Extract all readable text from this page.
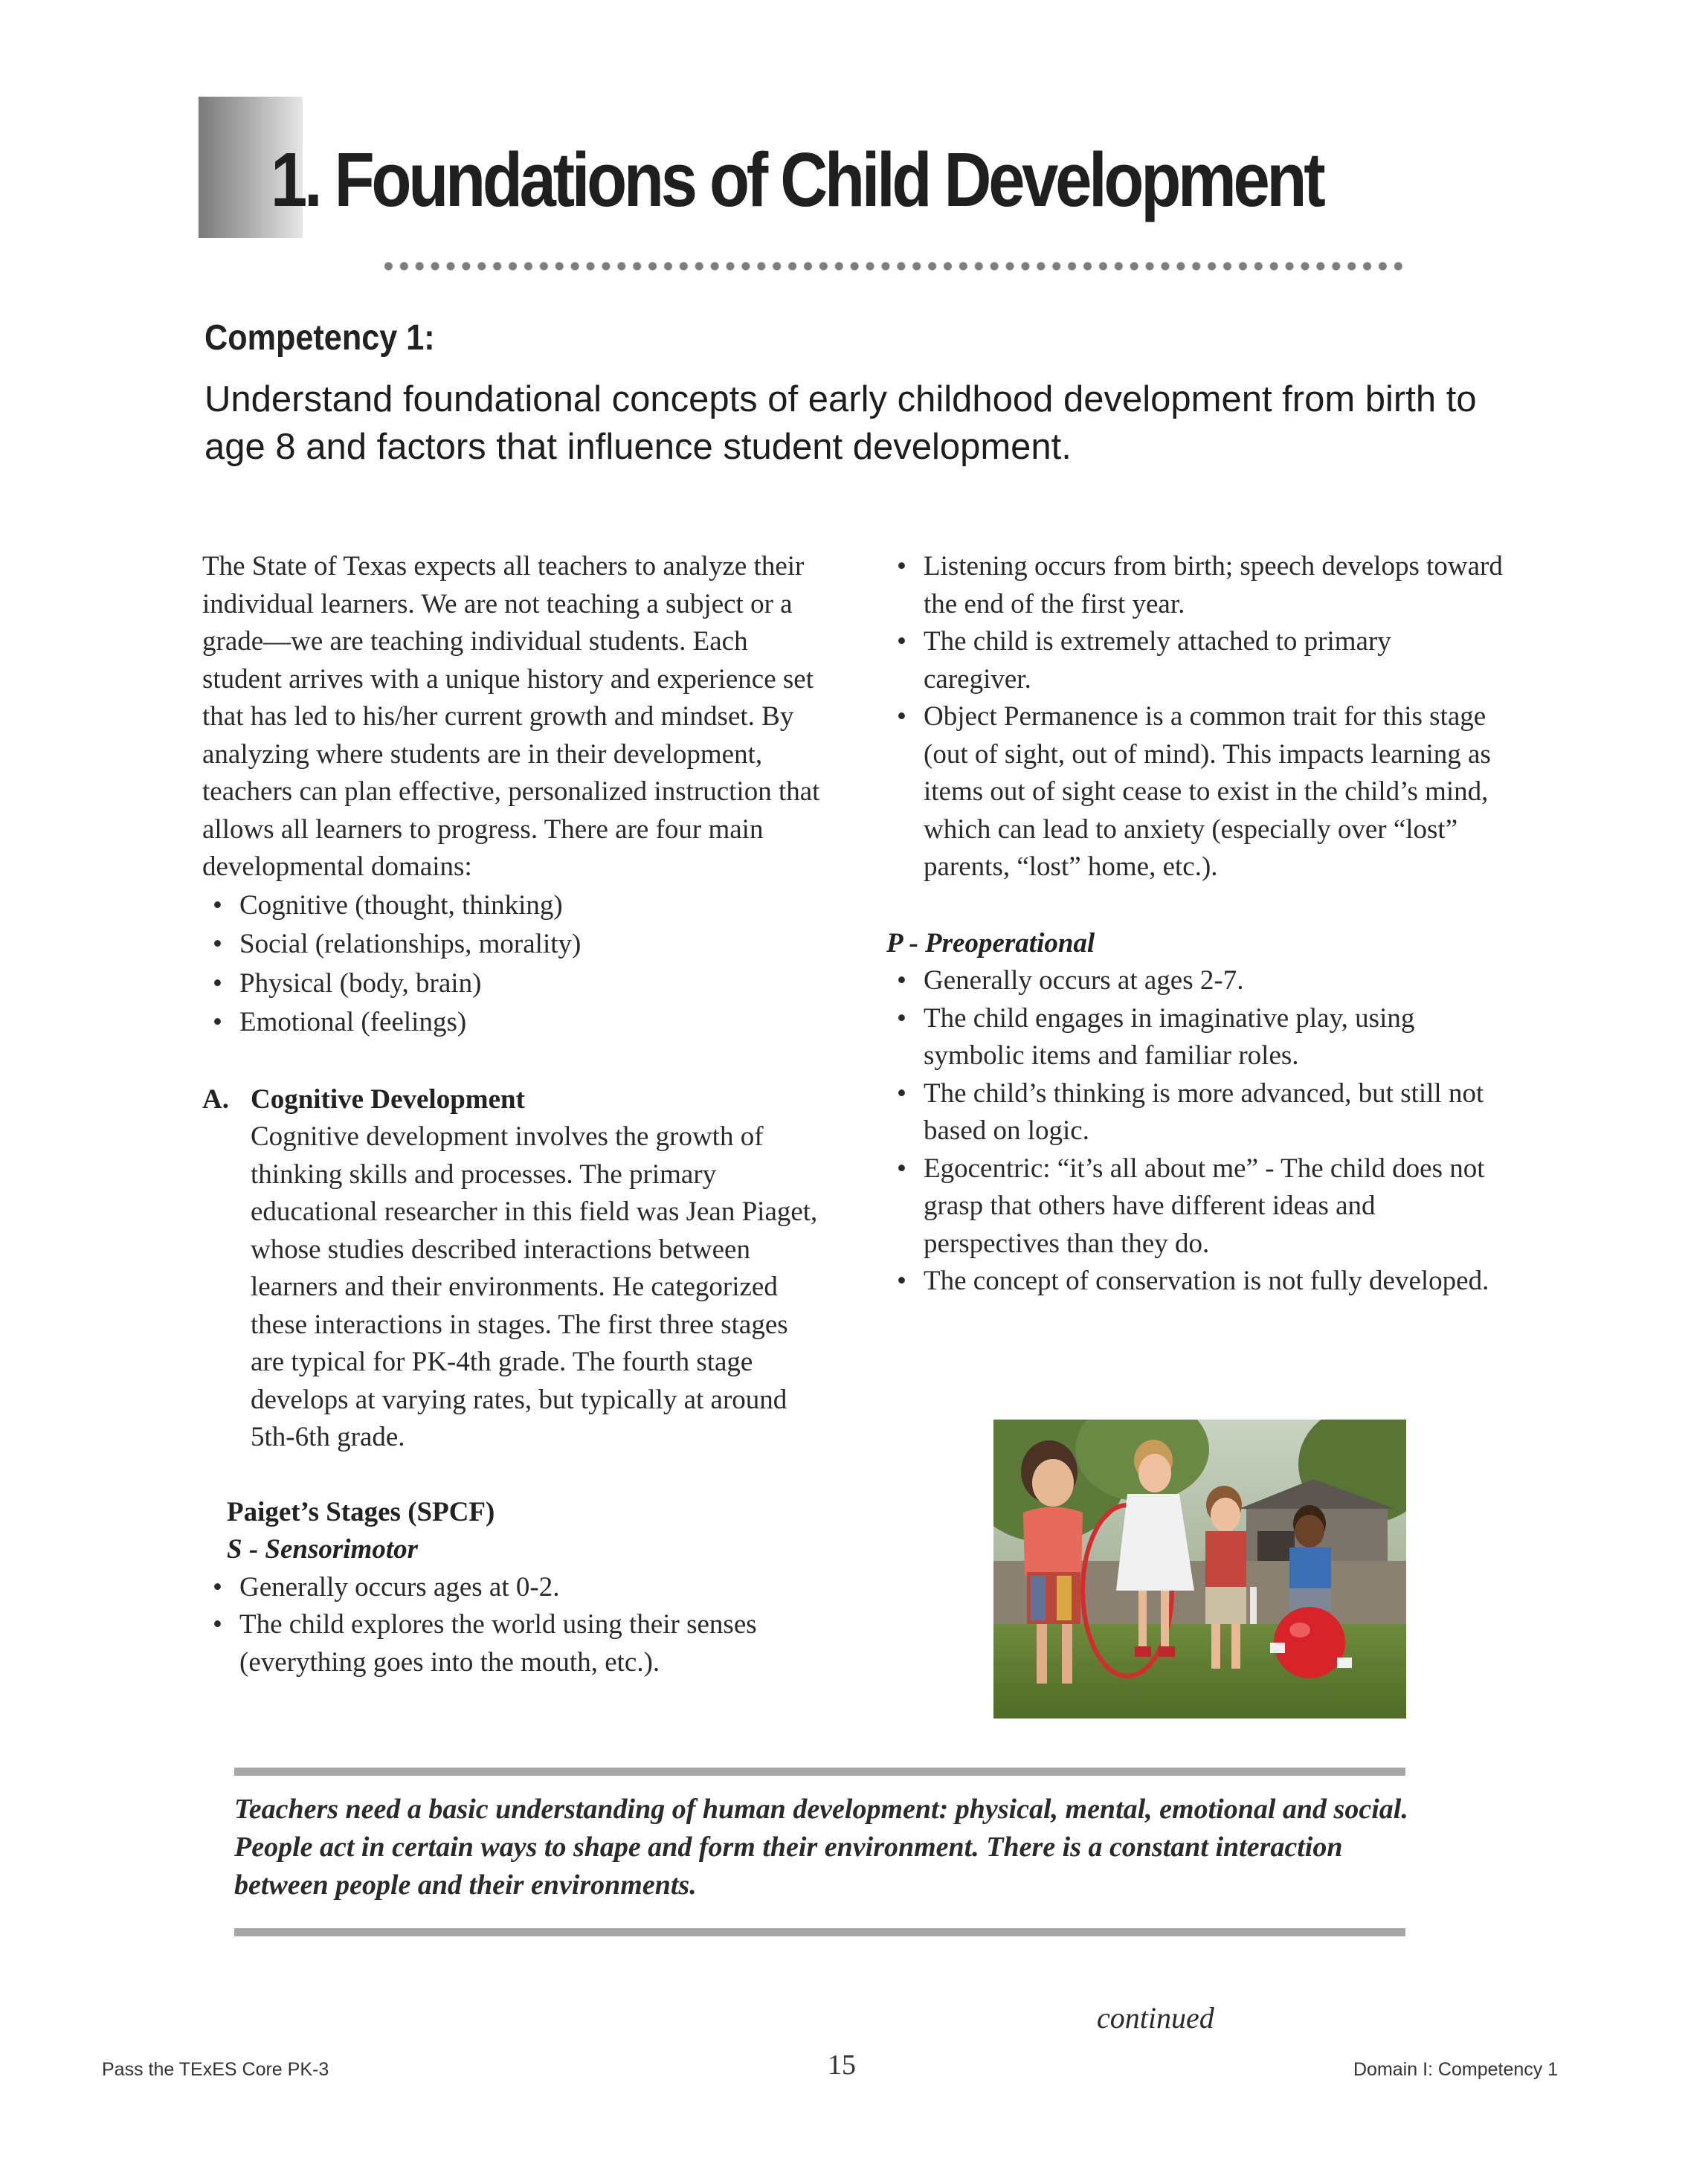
1. Foundations of Child Development
Competency 1:
Understand foundational concepts of early childhood development from birth to age 8 and factors that influence student development.

The State of Texas expects all teachers to analyze their individual learners. We are not teaching a subject or a grade—we are teaching individual students. Each student arrives with a unique history and experience set that has led to his/her current growth and mindset. By analyzing where students are in their development, teachers can plan effective, personalized instruction that allows all learners to progress. There are four main developmental domains:

• Cognitive (thought, thinking)
• Social (relationships, morality)
• Physical (body, brain)
• Emotional (feelings)
A. Cognitive Development

Cognitive development involves the growth of thinking skills and processes. The primary educational researcher in this field was Jean Piaget, whose studies described interactions between learners and their environments. He categorized these interactions in stages. The first three stages are typical for PK-4th grade. The fourth stage develops at varying rates, but typically at around 5th-6th grade.

Paiget’s Stages (SPCF)
S - Sensorimotor
• Generally occurs ages at 0-2.
• The child explores the world using their senses (everything goes into the mouth, etc.).
• Listening occurs from birth; speech develops toward the end of the first year.
• The child is extremely attached to primary caregiver.
• Object Permanence is a common trait for this stage (out of sight, out of mind). This impacts learning as items out of sight cease to exist in the child’s mind, which can lead to anxiety (especially over “lost” parents, “lost” home, etc.).
P - Preoperational
• Generally occurs at ages 2-7.
• The child engages in imaginative play, using symbolic items and familiar roles.
• The child’s thinking is more advanced, but still not based on logic.
• Egocentric: “it’s all about me” - The child does not grasp that others have different ideas and perspectives than they do.
• The concept of conservation is not fully developed.
Teachers need a basic understanding of human development: physical, mental, emotional and social. People act in certain ways to shape and form their environment. There is a constant interaction between people and their environments.
continued
Pass the TExES Core PK-3	15	Domain I: Competency 1
